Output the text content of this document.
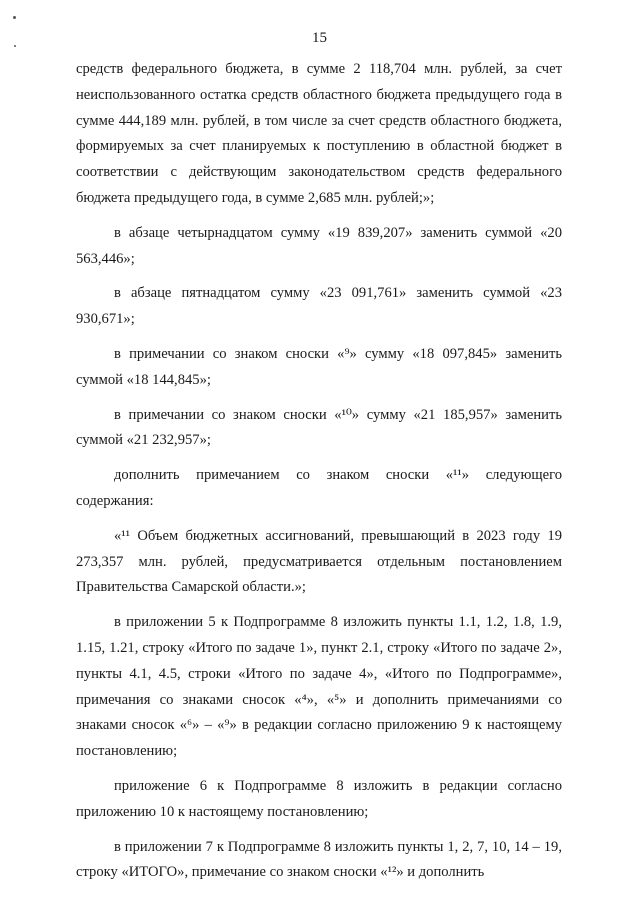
15

средств федерального бюджета, в сумме 2 118,704 млн. рублей, за счет неиспользованного остатка средств областного бюджета предыдущего года в сумме 444,189 млн. рублей, в том числе за счет средств областного бюджета, формируемых за счет планируемых к поступлению в областной бюджет в соответствии с действующим законодательством средств федерального бюджета предыдущего года, в сумме 2,685 млн. рублей;»;

в абзаце четырнадцатом сумму «19 839,207» заменить суммой «20 563,446»;

в абзаце пятнадцатом сумму «23 091,761» заменить суммой «23 930,671»;

в примечании со знаком сноски «⁹» сумму «18 097,845» заменить суммой «18 144,845»;

в примечании со знаком сноски «¹⁰» сумму «21 185,957» заменить суммой «21 232,957»;

дополнить примечанием со знаком сноски «¹¹» следующего содержания:

«¹¹ Объем бюджетных ассигнований, превышающий в 2023 году 19 273,357 млн. рублей, предусматривается отдельным постановлением Правительства Самарской области.»;

в приложении 5 к Подпрограмме 8 изложить пункты 1.1, 1.2, 1.8, 1.9, 1.15, 1.21, строку «Итого по задаче 1», пункт 2.1, строку «Итого по задаче 2», пункты 4.1, 4.5, строки «Итого по задаче 4», «Итого по Подпрограмме», примечания со знаками сносок «⁴», «⁵» и дополнить примечаниями со знаками сносок «⁶» – «⁹» в редакции согласно приложению 9 к настоящему постановлению;

приложение 6 к Подпрограмме 8 изложить в редакции согласно приложению 10 к настоящему постановлению;

в приложении 7 к Подпрограмме 8 изложить пункты 1, 2, 7, 10, 14 – 19, строку «ИТОГО», примечание со знаком сноски «¹²» и дополнить
